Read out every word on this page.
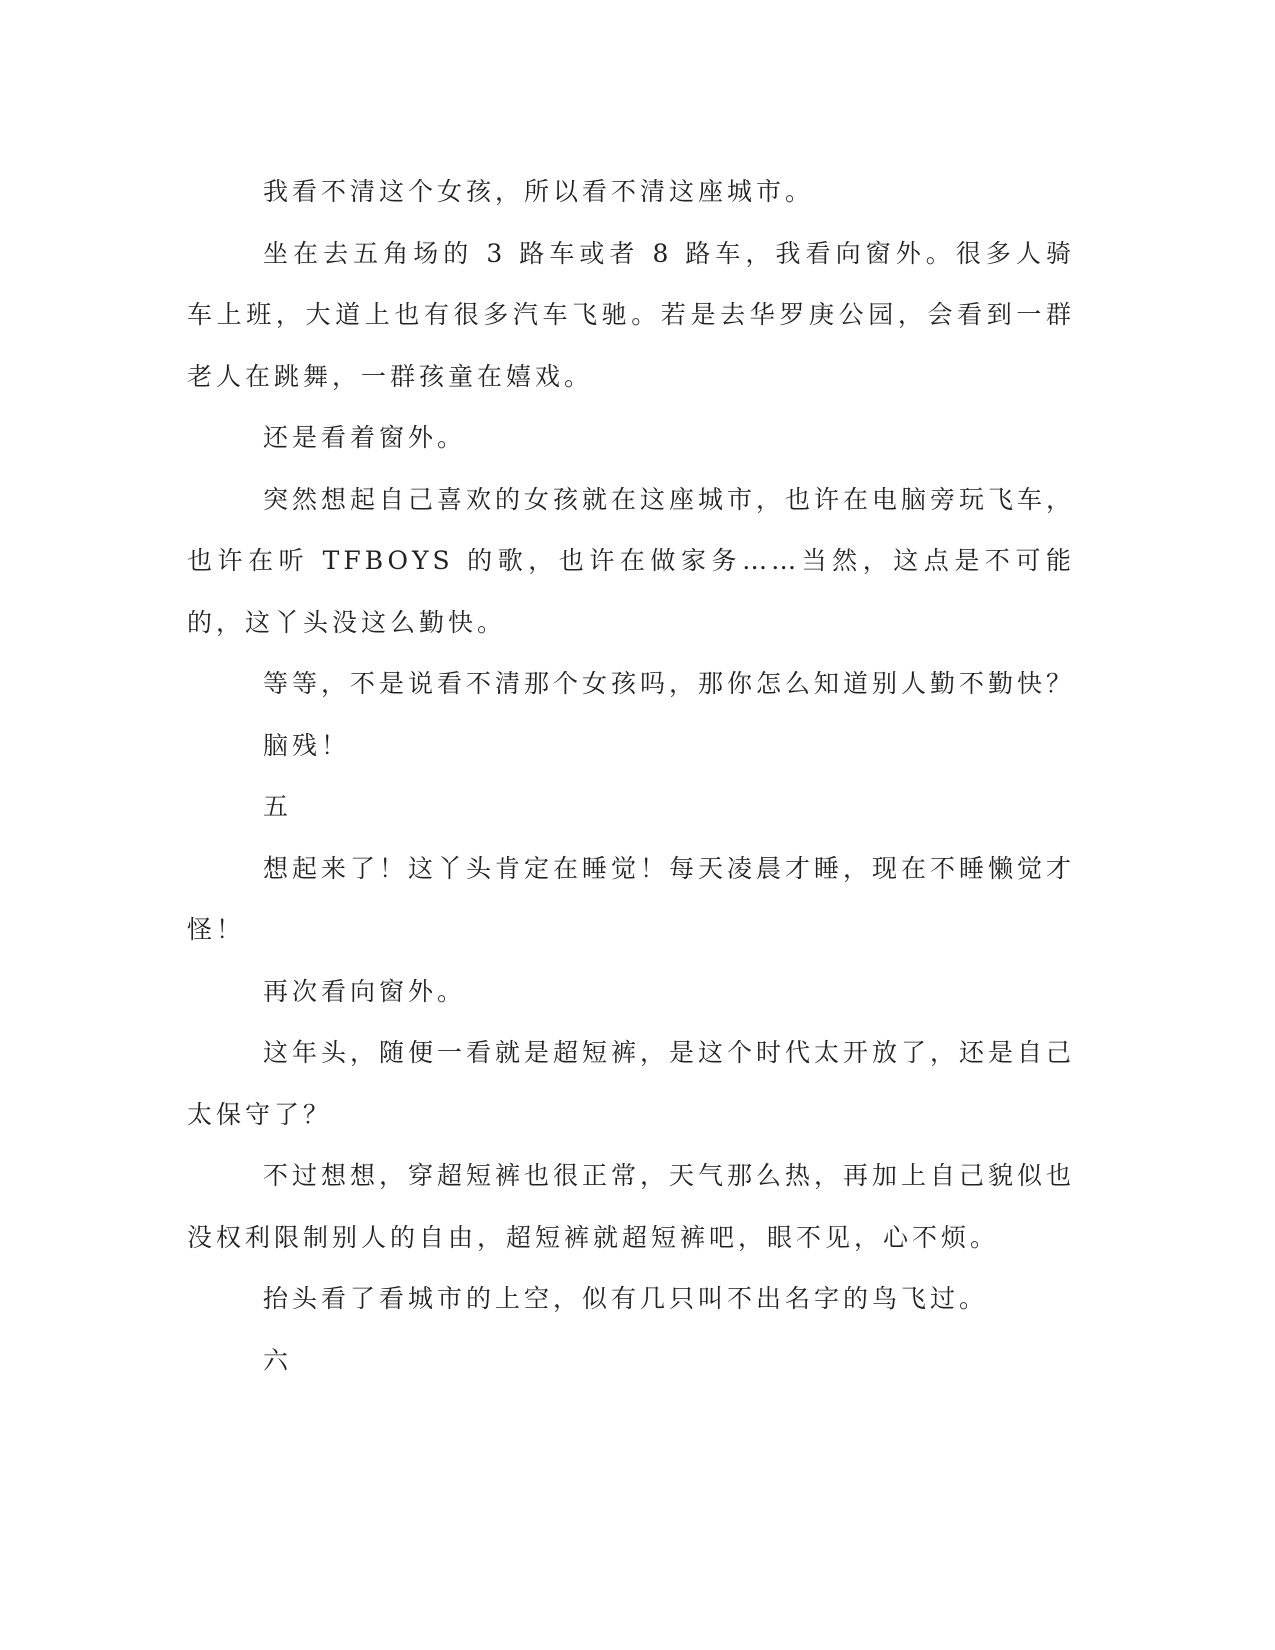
我看不清这个女孩，所以看不清这座城市。

坐在去五角场的 3 路车或者 8 路车，我看向窗外。很多人骑车上班，大道上也有很多汽车飞驰。若是去华罗庚公园，会看到一群老人在跳舞，一群孩童在嬉戏。

还是看着窗外。

突然想起自己喜欢的女孩就在这座城市，也许在电脑旁玩飞车，也许在听 TFBOYS 的歌，也许在做家务……当然，这点是不可能的，这丫头没这么勤快。

等等，不是说看不清那个女孩吗，那你怎么知道别人勤不勤快？

脑残！

五

想起来了！这丫头肯定在睡觉！每天凌晨才睡，现在不睡懒觉才怪！

再次看向窗外。

这年头，随便一看就是超短裤，是这个时代太开放了，还是自己太保守了？

不过想想，穿超短裤也很正常，天气那么热，再加上自己貌似也没权利限制别人的自由，超短裤就超短裤吧，眼不见，心不烦。

抬头看了看城市的上空，似有几只叫不出名字的鸟飞过。

六
